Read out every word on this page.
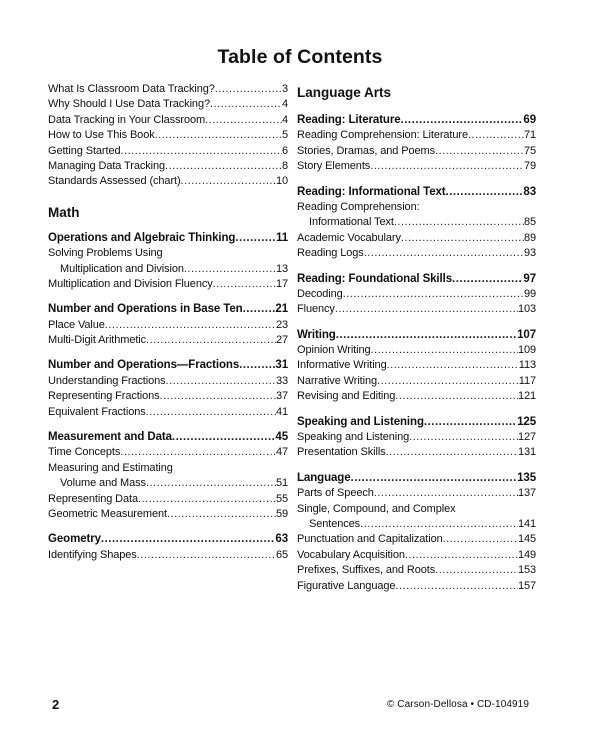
Table of Contents
What Is Classroom Data Tracking? .....	3
Why Should I Use Data Tracking? .....	4
Data Tracking in Your Classroom .....	4
How to Use This Book .....	5
Getting Started .....	6
Managing Data Tracking .....	8
Standards Assessed (chart) .....	10
Math
Operations and Algebraic Thinking .....	11
Solving Problems Using
Multiplication and Division .....	13
Multiplication and Division Fluency .....	17
Number and Operations in Base Ten .....	21
Place Value .....	23
Multi-Digit Arithmetic .....	27
Number and Operations—Fractions .....	31
Understanding Fractions .....	33
Representing Fractions .....	37
Equivalent Fractions .....	41
Measurement and Data .....	45
Time Concepts .....	47
Measuring and Estimating
Volume and Mass .....	51
Representing Data .....	55
Geometric Measurement .....	59
Geometry .....	63
Identifying Shapes .....	65
Language Arts
Reading: Literature .....	69
Reading Comprehension: Literature .....	71
Stories, Dramas, and Poems .....	75
Story Elements .....	79
Reading: Informational Text .....	83
Reading Comprehension:
Informational Text .....	85
Academic Vocabulary .....	89
Reading Logs .....	93
Reading: Foundational Skills .....	97
Decoding .....	99
Fluency .....	103
Writing .....	107
Opinion Writing .....	109
Informative Writing .....	113
Narrative Writing .....	117
Revising and Editing .....	121
Speaking and Listening .....	125
Speaking and Listening .....	127
Presentation Skills .....	131
Language .....	135
Parts of Speech .....	137
Single, Compound, and Complex
Sentences .....	141
Punctuation and Capitalization .....	145
Vocabulary Acquisition .....	149
Prefixes, Suffixes, and Roots .....	153
Figurative Language .....	157
2	© Carson-Dellosa • CD-104919
